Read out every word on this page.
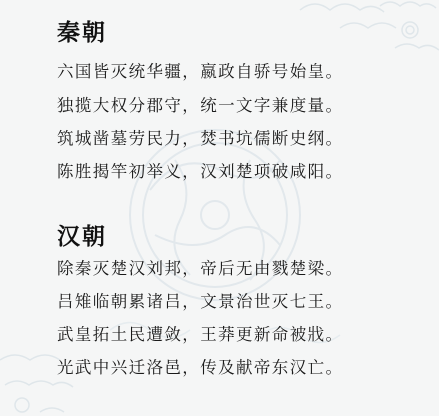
秦朝
六国皆灭统华疆，嬴政自骄号始皇。
独揽大权分郡守，统一文字兼度量。
筑城凿墓劳民力，焚书坑儒断史纲。
陈胜揭竿初举义，汉刘楚项破咸阳。
汉朝
除秦灭楚汉刘邦，帝后无由戮楚梁。
吕雉临朝累诸吕，文景治世灭七王。
武皇拓土民遭敛，王莽更新命被戕。
光武中兴迁洛邑，传及献帝东汉亡。
